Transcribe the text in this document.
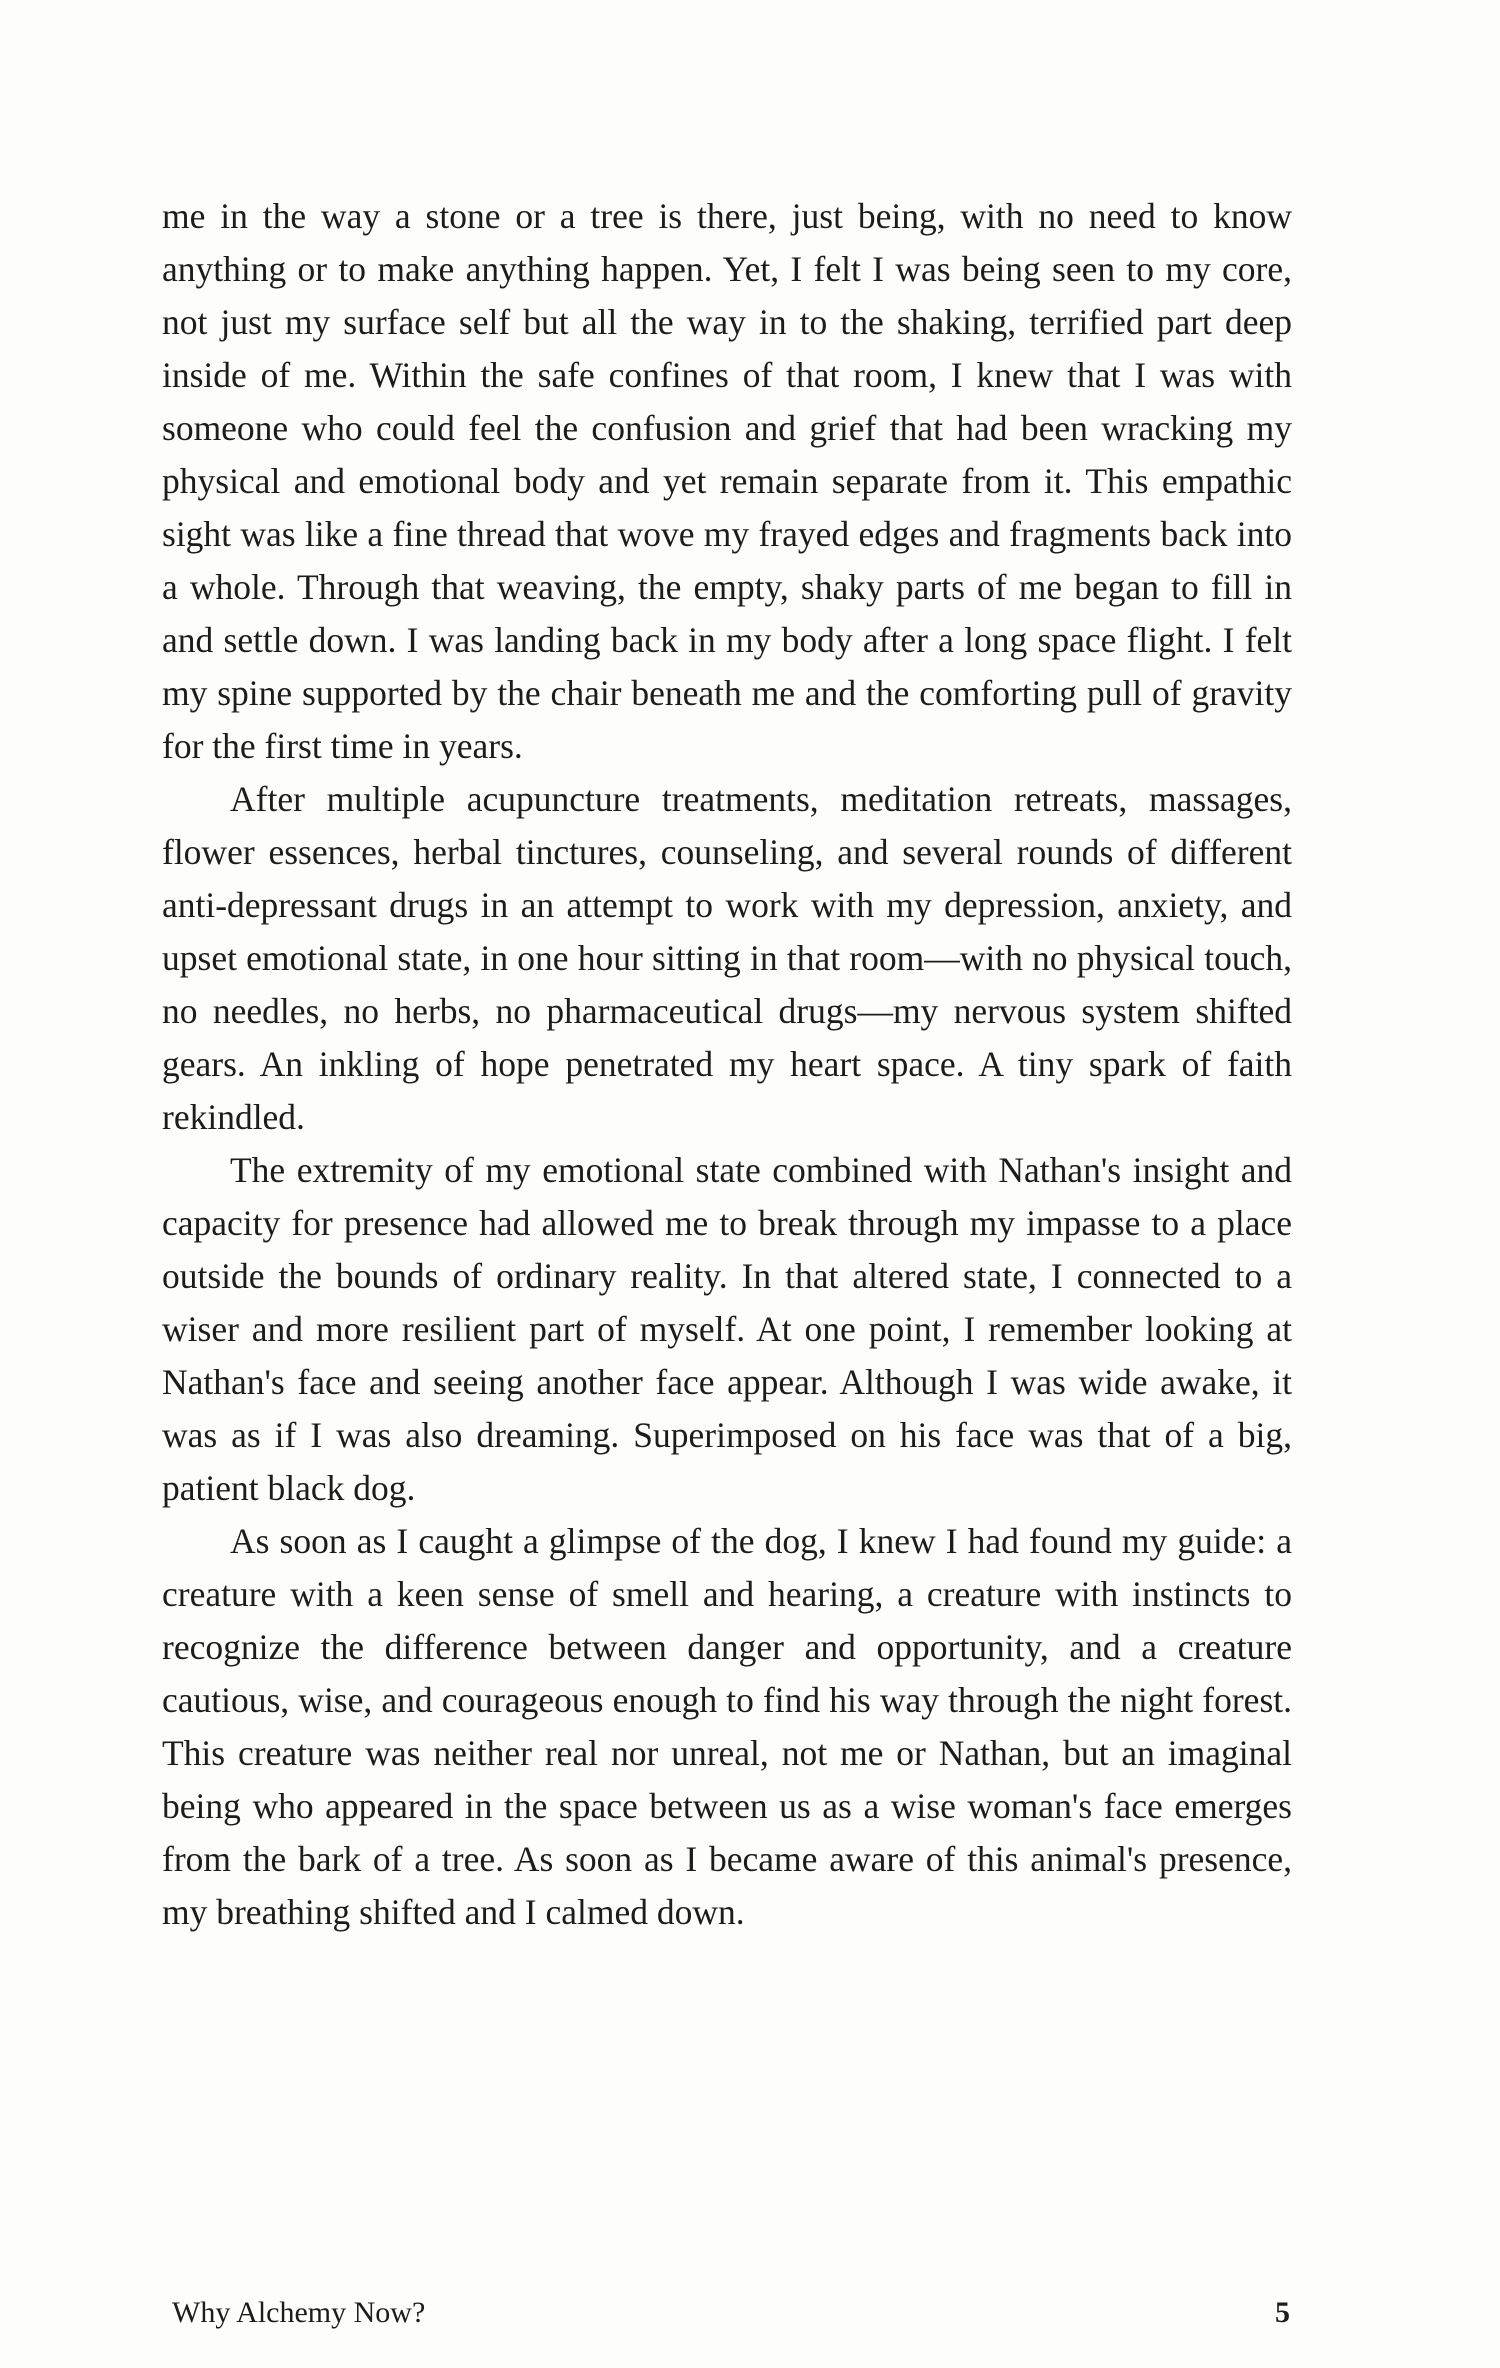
me in the way a stone or a tree is there, just being, with no need to know anything or to make anything happen. Yet, I felt I was being seen to my core, not just my surface self but all the way in to the shaking, terrified part deep inside of me. Within the safe confines of that room, I knew that I was with someone who could feel the confusion and grief that had been wracking my physical and emotional body and yet remain separate from it. This empathic sight was like a fine thread that wove my frayed edges and fragments back into a whole. Through that weaving, the empty, shaky parts of me began to fill in and settle down. I was landing back in my body after a long space flight. I felt my spine supported by the chair beneath me and the comforting pull of gravity for the first time in years.

After multiple acupuncture treatments, meditation retreats, massages, flower essences, herbal tinctures, counseling, and several rounds of different anti-depressant drugs in an attempt to work with my depression, anxiety, and upset emotional state, in one hour sitting in that room—with no physical touch, no needles, no herbs, no pharmaceutical drugs—my nervous system shifted gears. An inkling of hope penetrated my heart space. A tiny spark of faith rekindled.

The extremity of my emotional state combined with Nathan's insight and capacity for presence had allowed me to break through my impasse to a place outside the bounds of ordinary reality. In that altered state, I connected to a wiser and more resilient part of myself. At one point, I remember looking at Nathan's face and seeing another face appear. Although I was wide awake, it was as if I was also dreaming. Superimposed on his face was that of a big, patient black dog.

As soon as I caught a glimpse of the dog, I knew I had found my guide: a creature with a keen sense of smell and hearing, a creature with instincts to recognize the difference between danger and opportunity, and a creature cautious, wise, and courageous enough to find his way through the night forest. This creature was neither real nor unreal, not me or Nathan, but an imaginal being who appeared in the space between us as a wise woman's face emerges from the bark of a tree. As soon as I became aware of this animal's presence, my breathing shifted and I calmed down.

Why Alchemy Now?	5
